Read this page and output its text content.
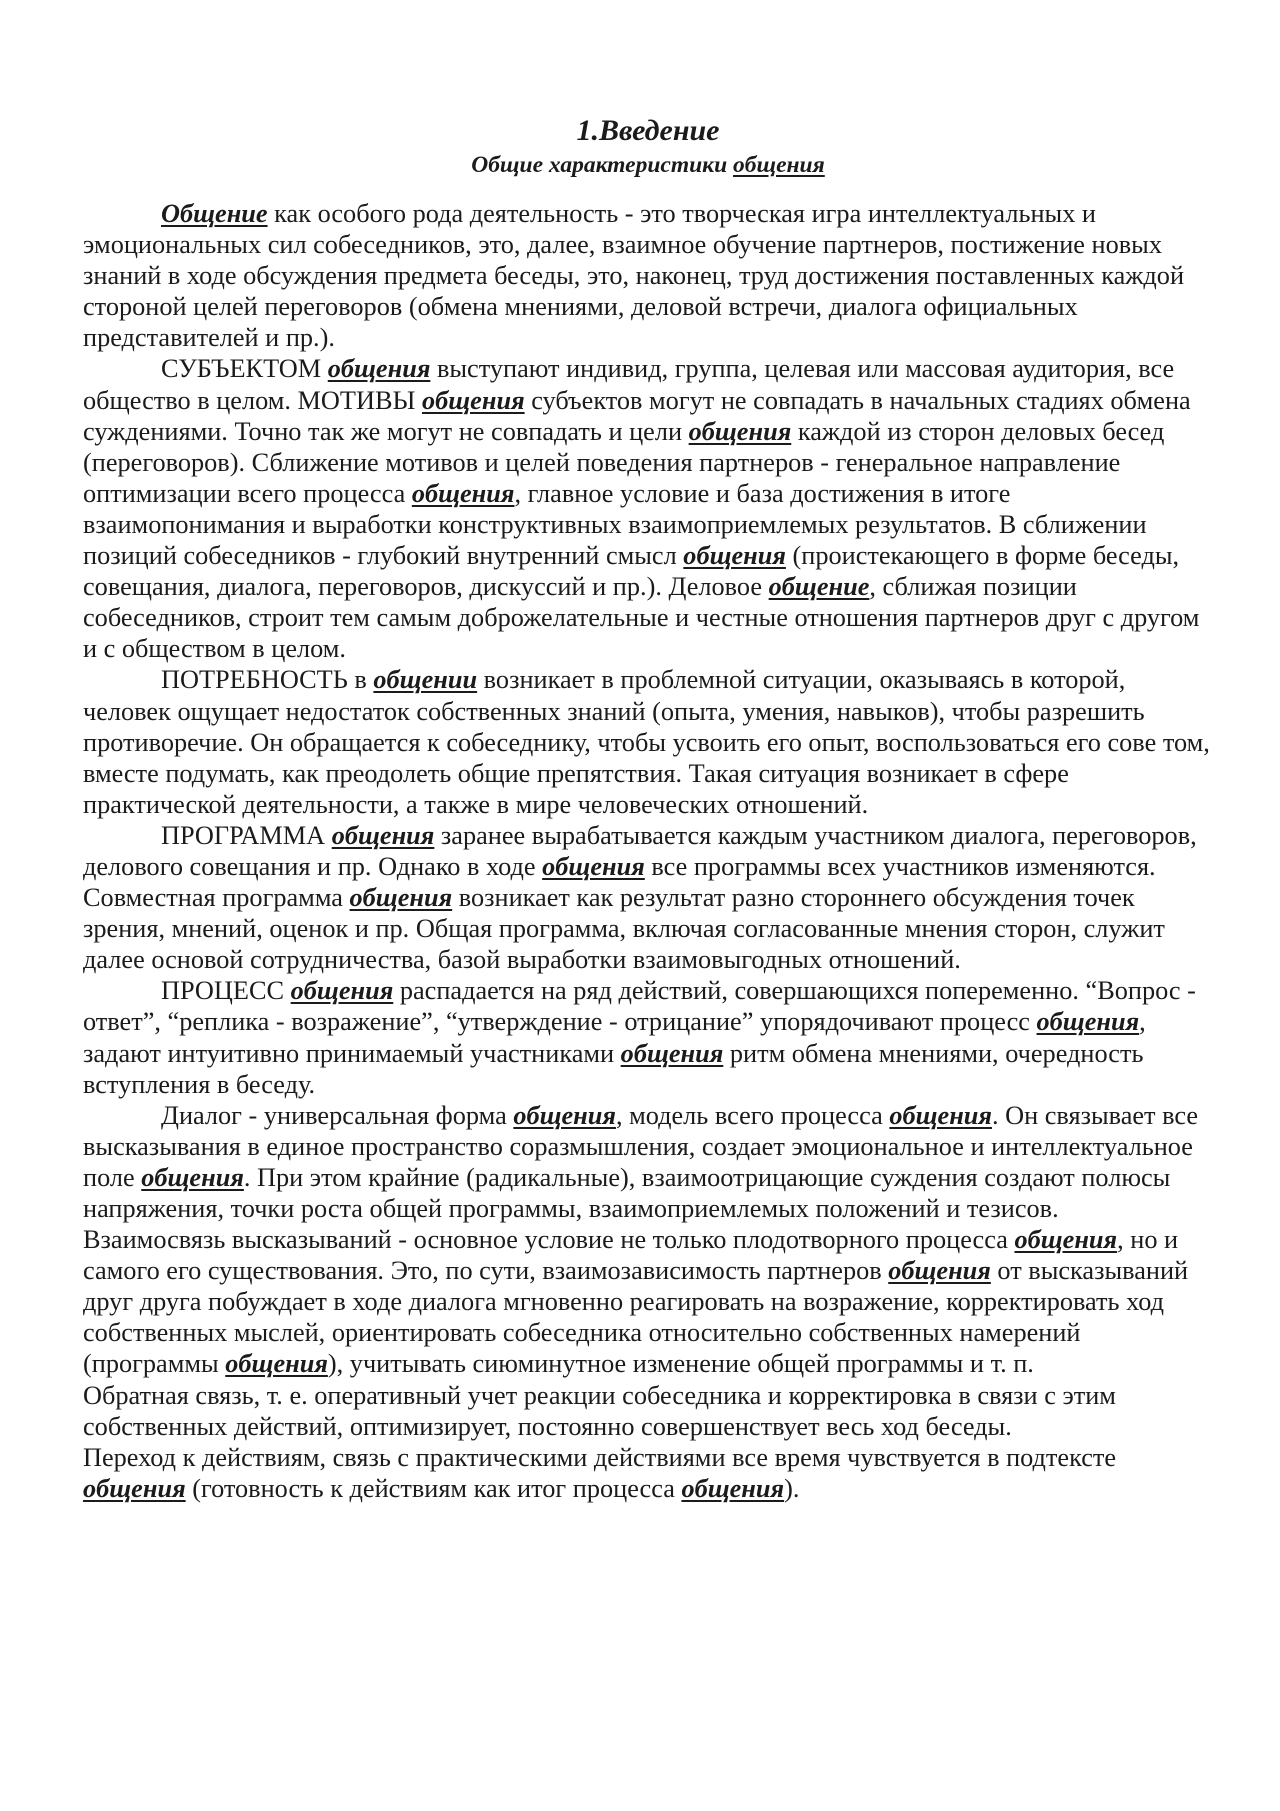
1.Введение
Общие характеристики общения

Общение как особого рода деятельность - это творческая игра интеллектуальных и эмоциональных сил собеседников, это, далее, взаимное обучение партнеров, постижение новых знаний в ходе обсуждения предмета беседы, это, наконец, труд достижения поставленных каждой стороной целей переговоров (обмена мнениями, деловой встречи, диалога официальных представителей и пр.).

СУБЪЕКТОМ общения выступают индивид, группа, целевая или массовая аудитория, все общество в целом. МОТИВЫ общения субъектов могут не совпадать в начальных стадиях обмена суждениями. Точно так же могут не совпадать и цели общения каждой из сторон деловых бесед (переговоров). Сближение мотивов и целей поведения партнеров - генеральное направление оптимизации всего процесса общения, главное условие и база достижения в итоге взаимопонимания и выработки конструктивных взаимоприемлемых результатов. В сближении позиций собеседников - глубокий внутренний смысл общения (проистекающего в форме беседы, совещания, диалога, переговоров, дискуссий и пр.). Деловое общение, сближая позиции собеседников, строит тем самым доброжелательные и честные отношения партнеров друг с другом и с обществом в целом.

ПОТРЕБНОСТЬ в общении возникает в проблемной ситуации, оказываясь в которой, человек ощущает недостаток собственных знаний (опыта, умения, навыков), чтобы разрешить противоречие. Он обращается к собеседнику, чтобы усвоить его опыт, воспользоваться его сове том, вместе подумать, как преодолеть общие препятствия. Такая ситуация возникает в сфере практической деятельности, а также в мире человеческих отношений.

ПРОГРАММА общения заранее вырабатывается каждым участником диалога, переговоров, делового совещания и пр. Однако в ходе общения все программы всех участников изменяются.

Совместная программа общения возникает как результат разно стороннего обсуждения точек зрения, мнений, оценок и пр. Общая программа, включая согласованные мнения сторон, служит далее основой сотрудничества, базой выработки взаимовыгодных отношений.

ПРОЦЕСС общения распадается на ряд действий, совершающихся попеременно. “Вопрос - ответ”, “реплика - возражение”, “утверждение - отрицание” упорядочивают процесс общения, задают интуитивно принимаемый участниками общения ритм обмена мнениями, очередность вступления в беседу.

Диалог - универсальная форма общения, модель всего процесса общения. Он связывает все высказывания в единое пространство соразмышления, создает эмоциональное и интеллектуальное поле общения. При этом крайние (радикальные), взаимоотрицающие суждения создают полюсы напряжения, точки роста общей программы, взаимоприемлемых положений и тезисов.

Взаимосвязь высказываний - основное условие не только плодотворного процесса общения, но и самого его существования. Это, по сути, взаимозависимость партнеров общения от высказываний друг друга побуждает в ходе диалога мгновенно реагировать на возражение, корректировать ход собственных мыслей, ориентировать собеседника относительно собственных намерений (программы общения), учитывать сиюминутное изменение общей программы и т. п.

Обратная связь, т. е. оперативный учет реакции собеседника и корректировка в связи с этим собственных действий, оптимизирует, постоянно совершенствует весь ход беседы.

Переход к действиям, связь с практическими действиями все время чувствуется в подтексте общения (готовность к действиям как итог процесса общения).
